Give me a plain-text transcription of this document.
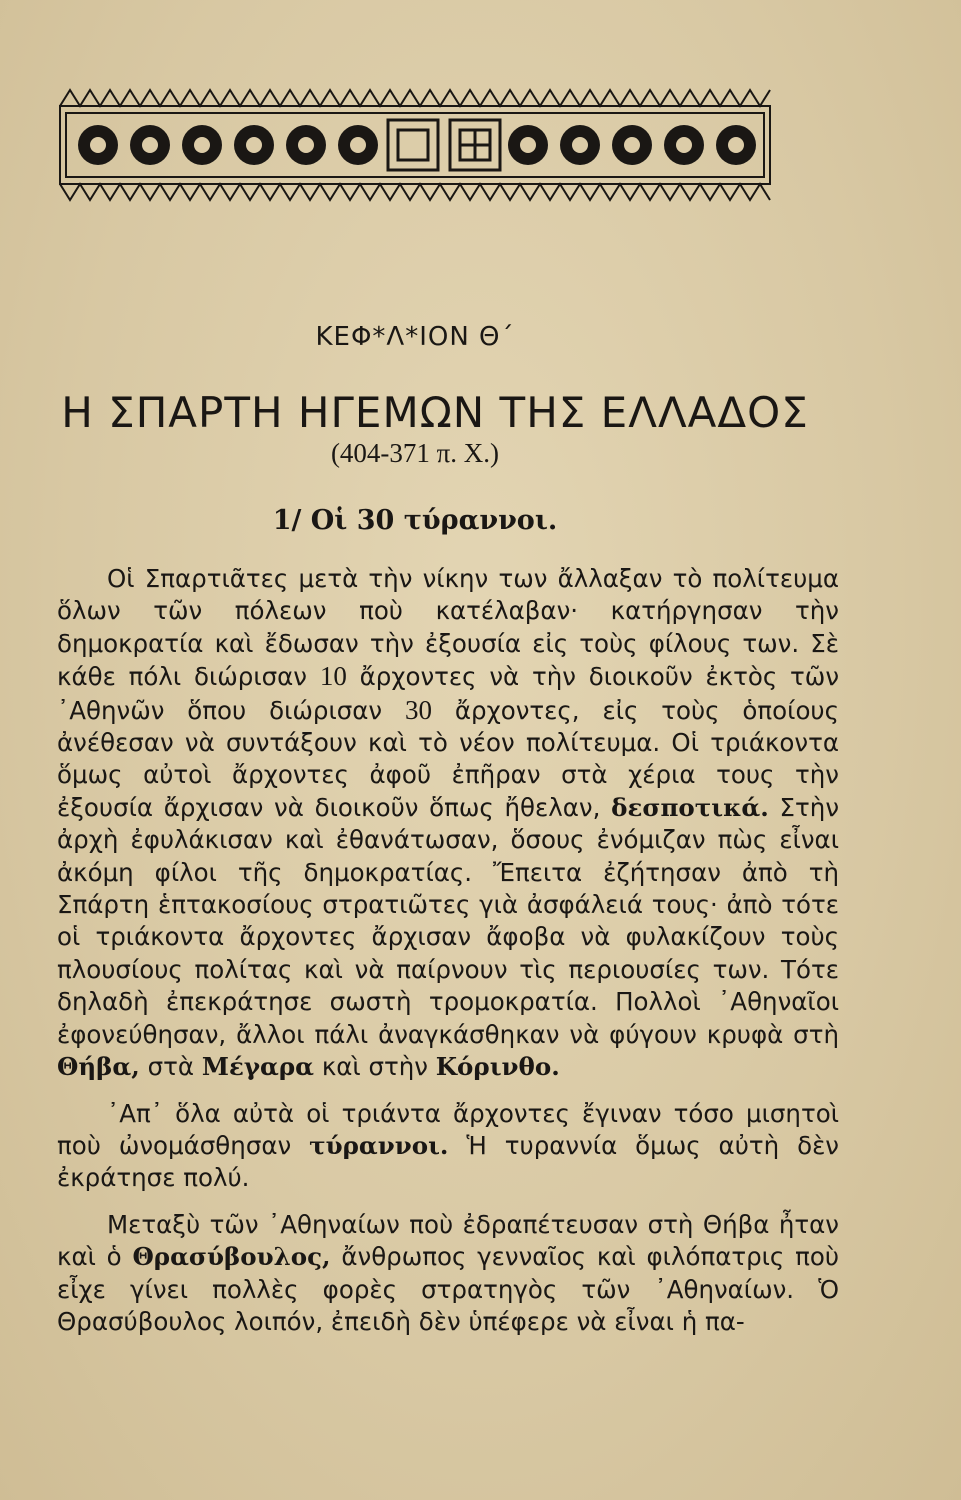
ΚΕΦ*Λ*ΙΟΝ Θ΄
Η ΣΠΑΡΤΗ ΗΓΕΜΩΝ ΤΗΣ ΕΛΛΑΔΟΣ
(404-371 π. Χ.)
1/ Οἱ 30 τύραννοι.

Οἱ Σπαρτιᾶτες μετὰ τὴν νίκην των ἄλλαξαν τὸ πολίτευμα ὅλων τῶν πόλεων ποὺ κατέλαβαν· κατήργησαν τὴν δημοκρατία καὶ ἔδωσαν τὴν ἐξουσία εἰς τοὺς φίλους των. Σὲ κάθε πόλι διώρισαν 10 ἄρχοντες νὰ τὴν διοικοῦν ἐκτὸς τῶν ᾿Αθηνῶν ὅπου διώρισαν 30 ἄρχοντες, εἰς τοὺς ὁποίους ἀνέθεσαν νὰ συντάξουν καὶ τὸ νέον πολίτευμα. Οἱ τριάκοντα ὅμως αὐτοὶ ἄρχοντες ἀφοῦ ἐπῆραν στὰ χέρια τους τὴν ἐξουσία ἄρχισαν νὰ διοικοῦν ὅπως ἤθελαν, δεσποτικά. Στὴν ἀρχὴ ἐφυλάκισαν καὶ ἐθανάτωσαν, ὅσους ἐνόμιζαν πὼς εἶναι ἀκόμη φίλοι τῆς δημοκρατίας. Ἔπειτα ἐζήτησαν ἀπὸ τὴ Σπάρτη ἑπτακοσίους στρατιῶτες γιὰ ἀσφάλειά τους· ἀπὸ τότε οἱ τριάκοντα ἄρχοντες ἄρχισαν ἄφοβα νὰ φυλακίζουν τοὺς πλουσίους πολίτας καὶ νὰ παίρνουν τὶς περιουσίες των. Τότε δηλαδὴ ἐπεκράτησε σωστὴ τρομοκρατία. Πολλοὶ ᾿Αθηναῖοι ἐφονεύθησαν, ἄλλοι πάλι ἀναγκάσθηκαν νὰ φύγουν κρυφὰ στὴ Θήβα, στὰ Μέγαρα καὶ στὴν Κόρινθο.

᾿Απ᾿ ὅλα αὐτὰ οἱ τριάντα ἄρχοντες ἔγιναν τόσο μισητοὶ ποὺ ὠνομάσθησαν τύραννοι. Ἡ τυραννία ὅμως αὐτὴ δὲν ἐκράτησε πολύ.

Μεταξὺ τῶν ᾿Αθηναίων ποὺ ἐδραπέτευσαν στὴ Θήβα ἦταν καὶ ὁ Θρασύβουλος, ἄνθρωπος γενναῖος καὶ φιλόπατρις ποὺ εἶχε γίνει πολλὲς φορὲς στρατηγὸς τῶν ᾿Αθηναίων. Ὁ Θρασύβουλος λοιπόν, ἐπειδὴ δὲν ὑπέφερε νὰ εἶναι ἡ πα-
